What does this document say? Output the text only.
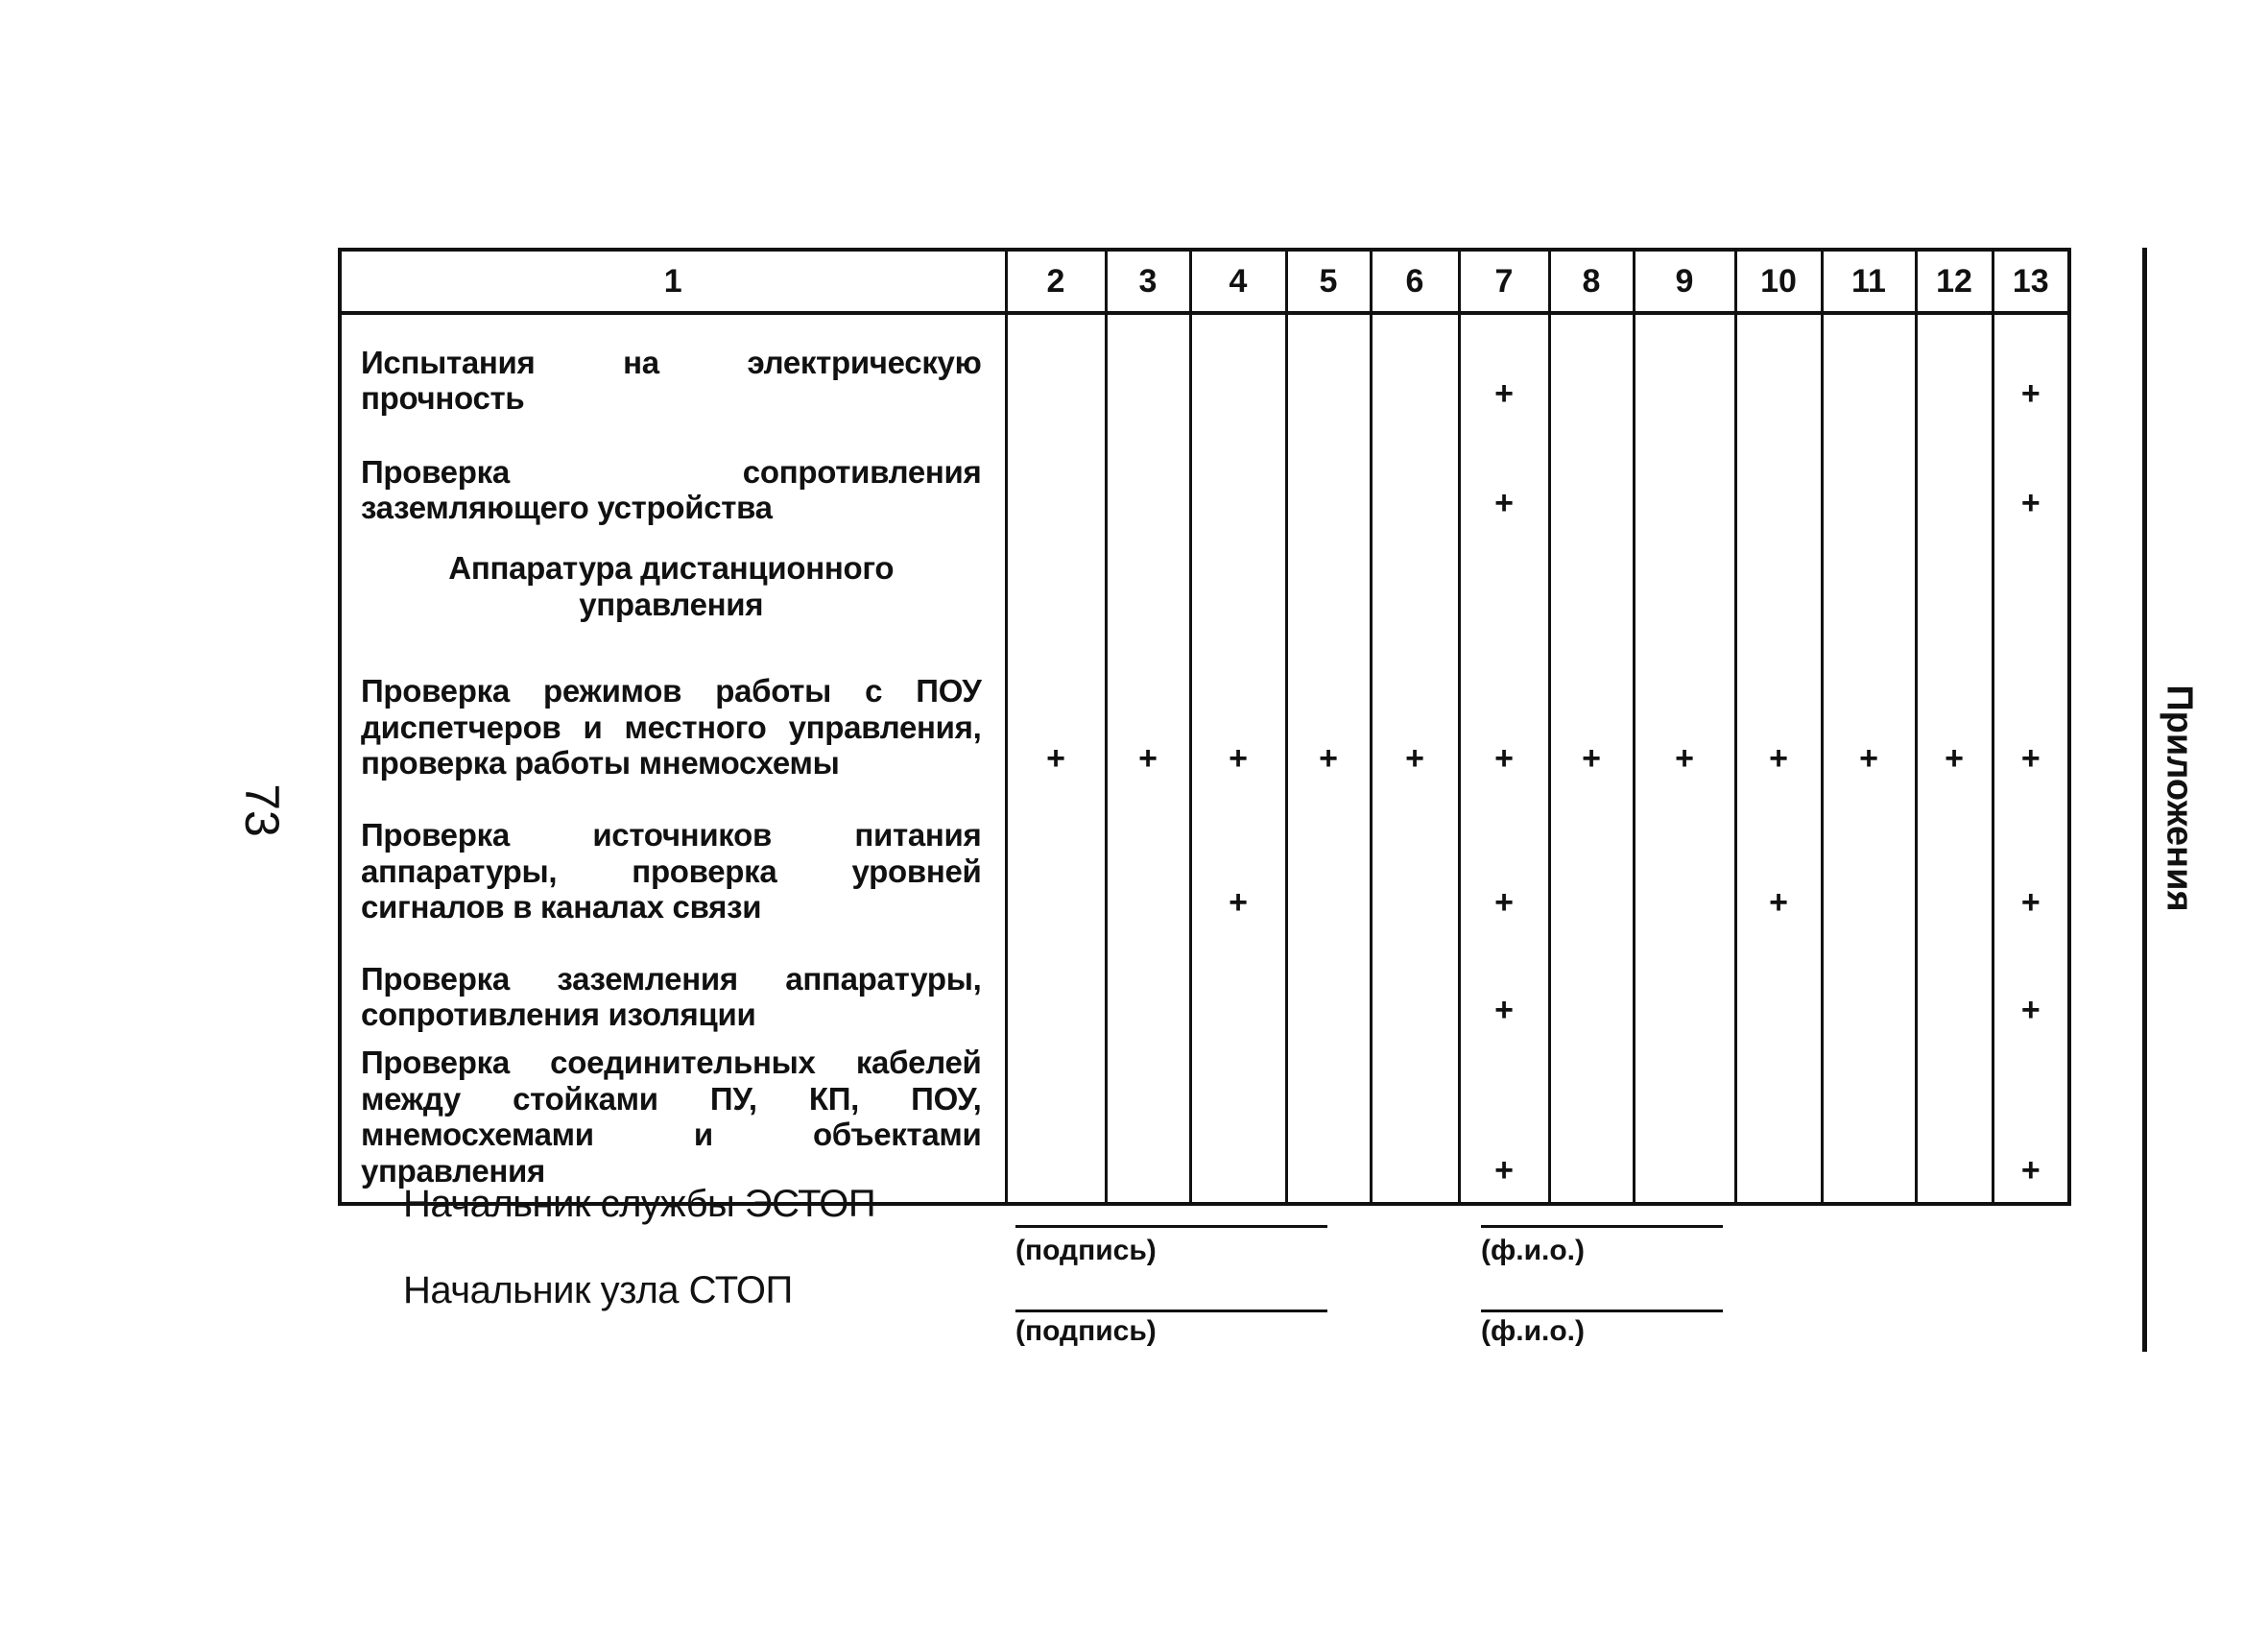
73
1	2	3	4	5	6	7	8	9	10	11	12	13
Испытания на электрическую прочность						+						+
Проверка сопротивления заземляющего устройства						+						+
Аппаратура дистанционного управления												
Проверка режимов работы с ПОУ диспетчеров и местного управления, проверка работы мнемосхемы	+	+	+	+	+	+	+	+	+	+	+	+
Проверка источников питания аппаратуры, проверка уровней сигналов в каналах связи			+			+			+			+
Проверка заземления аппаратуры, сопротивления изоляции						+						+
Проверка соединительных кабелей между стойками ПУ, КП, ПОУ, мнемосхемами и объектами управления						+						+
Начальник службы ЭСТОП
(подпись)	(ф.и.о.)
Начальник узла СТОП
(подпись)	(ф.и.о.)
Приложения
